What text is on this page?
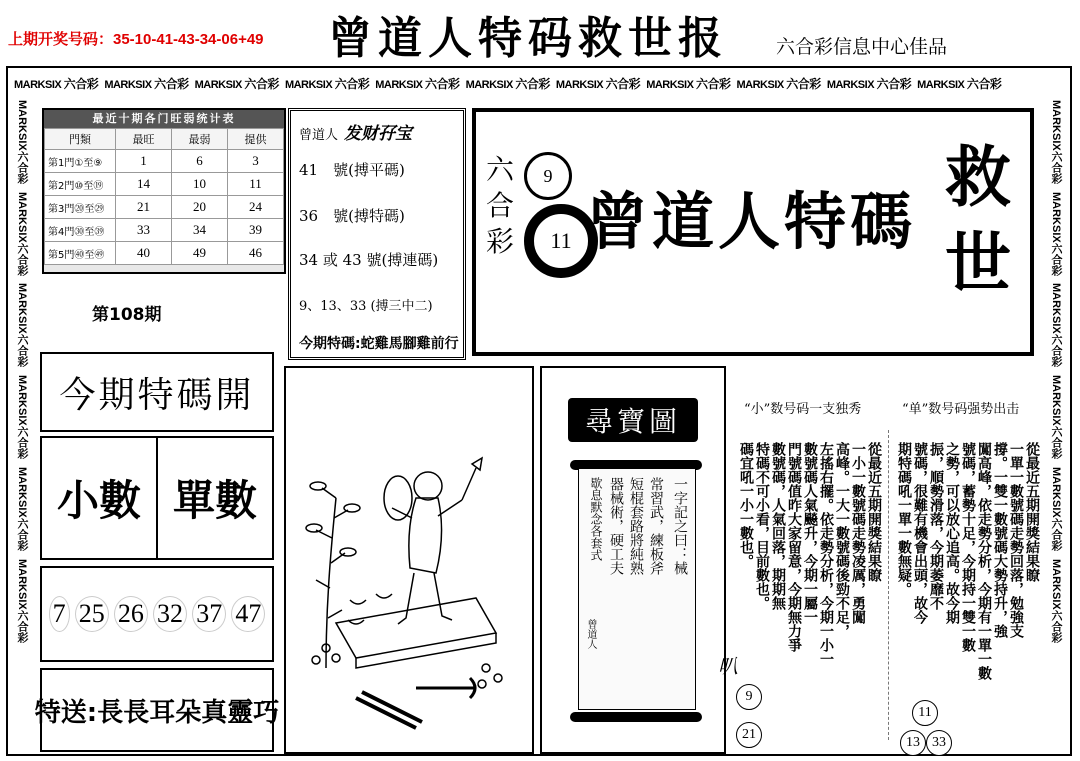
上期开奖号码：35-10-41-43-34-06+49 曾道人特码救世报	六合彩信息中心佳品
MARKSIX 六合彩 MARKSIX 六合彩 MARKSIX 六合彩 MARKSIX 六合彩 MARKSIX 六合彩 MARKSIX 六合彩 MARKSIX 六合彩 MARKSIX 六合彩 MARKSIX 六合彩 MARKSIX 六合彩 MARKSIX 六合彩
MARKSIX六合彩
MARKSIX六合彩
MARKSIX六合彩
MARKSIX六合彩
MARKSIX六合彩
MARKSIX六合彩
MARKSIX六合彩
MARKSIX六合彩
MARKSIX六合彩
MARKSIX六合彩
MARKSIX六合彩
MARKSIX六合彩
最近十期各门旺弱统计表
門類	最旺	最弱	提供
第1門①至⑨	1	6	3
第2門⑩至⑲	14	10	11
第3門⑳至㉙	21	20	24
第4門㉚至㊴	33	34	39
第5門㊵至㊾	40	49	46
第108期
曾道人 发财孖宝
41　號(搏平碼)
36　號(搏特碼)
34 或 43 號(搏連碼)
9、13、33 (搏三中二)
今期特碼:蛇雞馬腳雞前行
六合彩
9
11 曾道人特碼
救世
今期特碼開
小數 單數
7 25 26 32 37 47
特送:長長耳朵真靈巧
尋寶圖
一字記之曰：械
常習武，練板斧
短棍套路將純熟
器械術，硬工夫
歇息默念各套式
曾道人
叭
“小”数号码一支独秀	“单”数号码强势出击
從最近五期開獎結果瞭
一小一數號碼走勢凌厲，勇闖
高峰。一大一數號碼後勁不足，
左搖右擺。依走勢分析，今期一小一
數號碼人氣飈升，今期一屬一
門號碼值昨大家留意，今期無力爭
數號碼，人氣回落，期期無
特碼不可小看，目前數也。
碼宜吼一小一數也。	從最近五期開獎結果瞭
一單一數號碼走勢回落，勉強支
撐。一雙一數號碼大勢持升，強
闖高峰，依走勢分析，今期有一單一數
號碼，蓄勢十足，今期持一雙一數
之勢，可以放心追高。故今期
振，順勢滑落，今期萎靡不
號碼，很難有機會出頭，故今
期特碼吼一單一數無疑。
9
21
11
13 33
